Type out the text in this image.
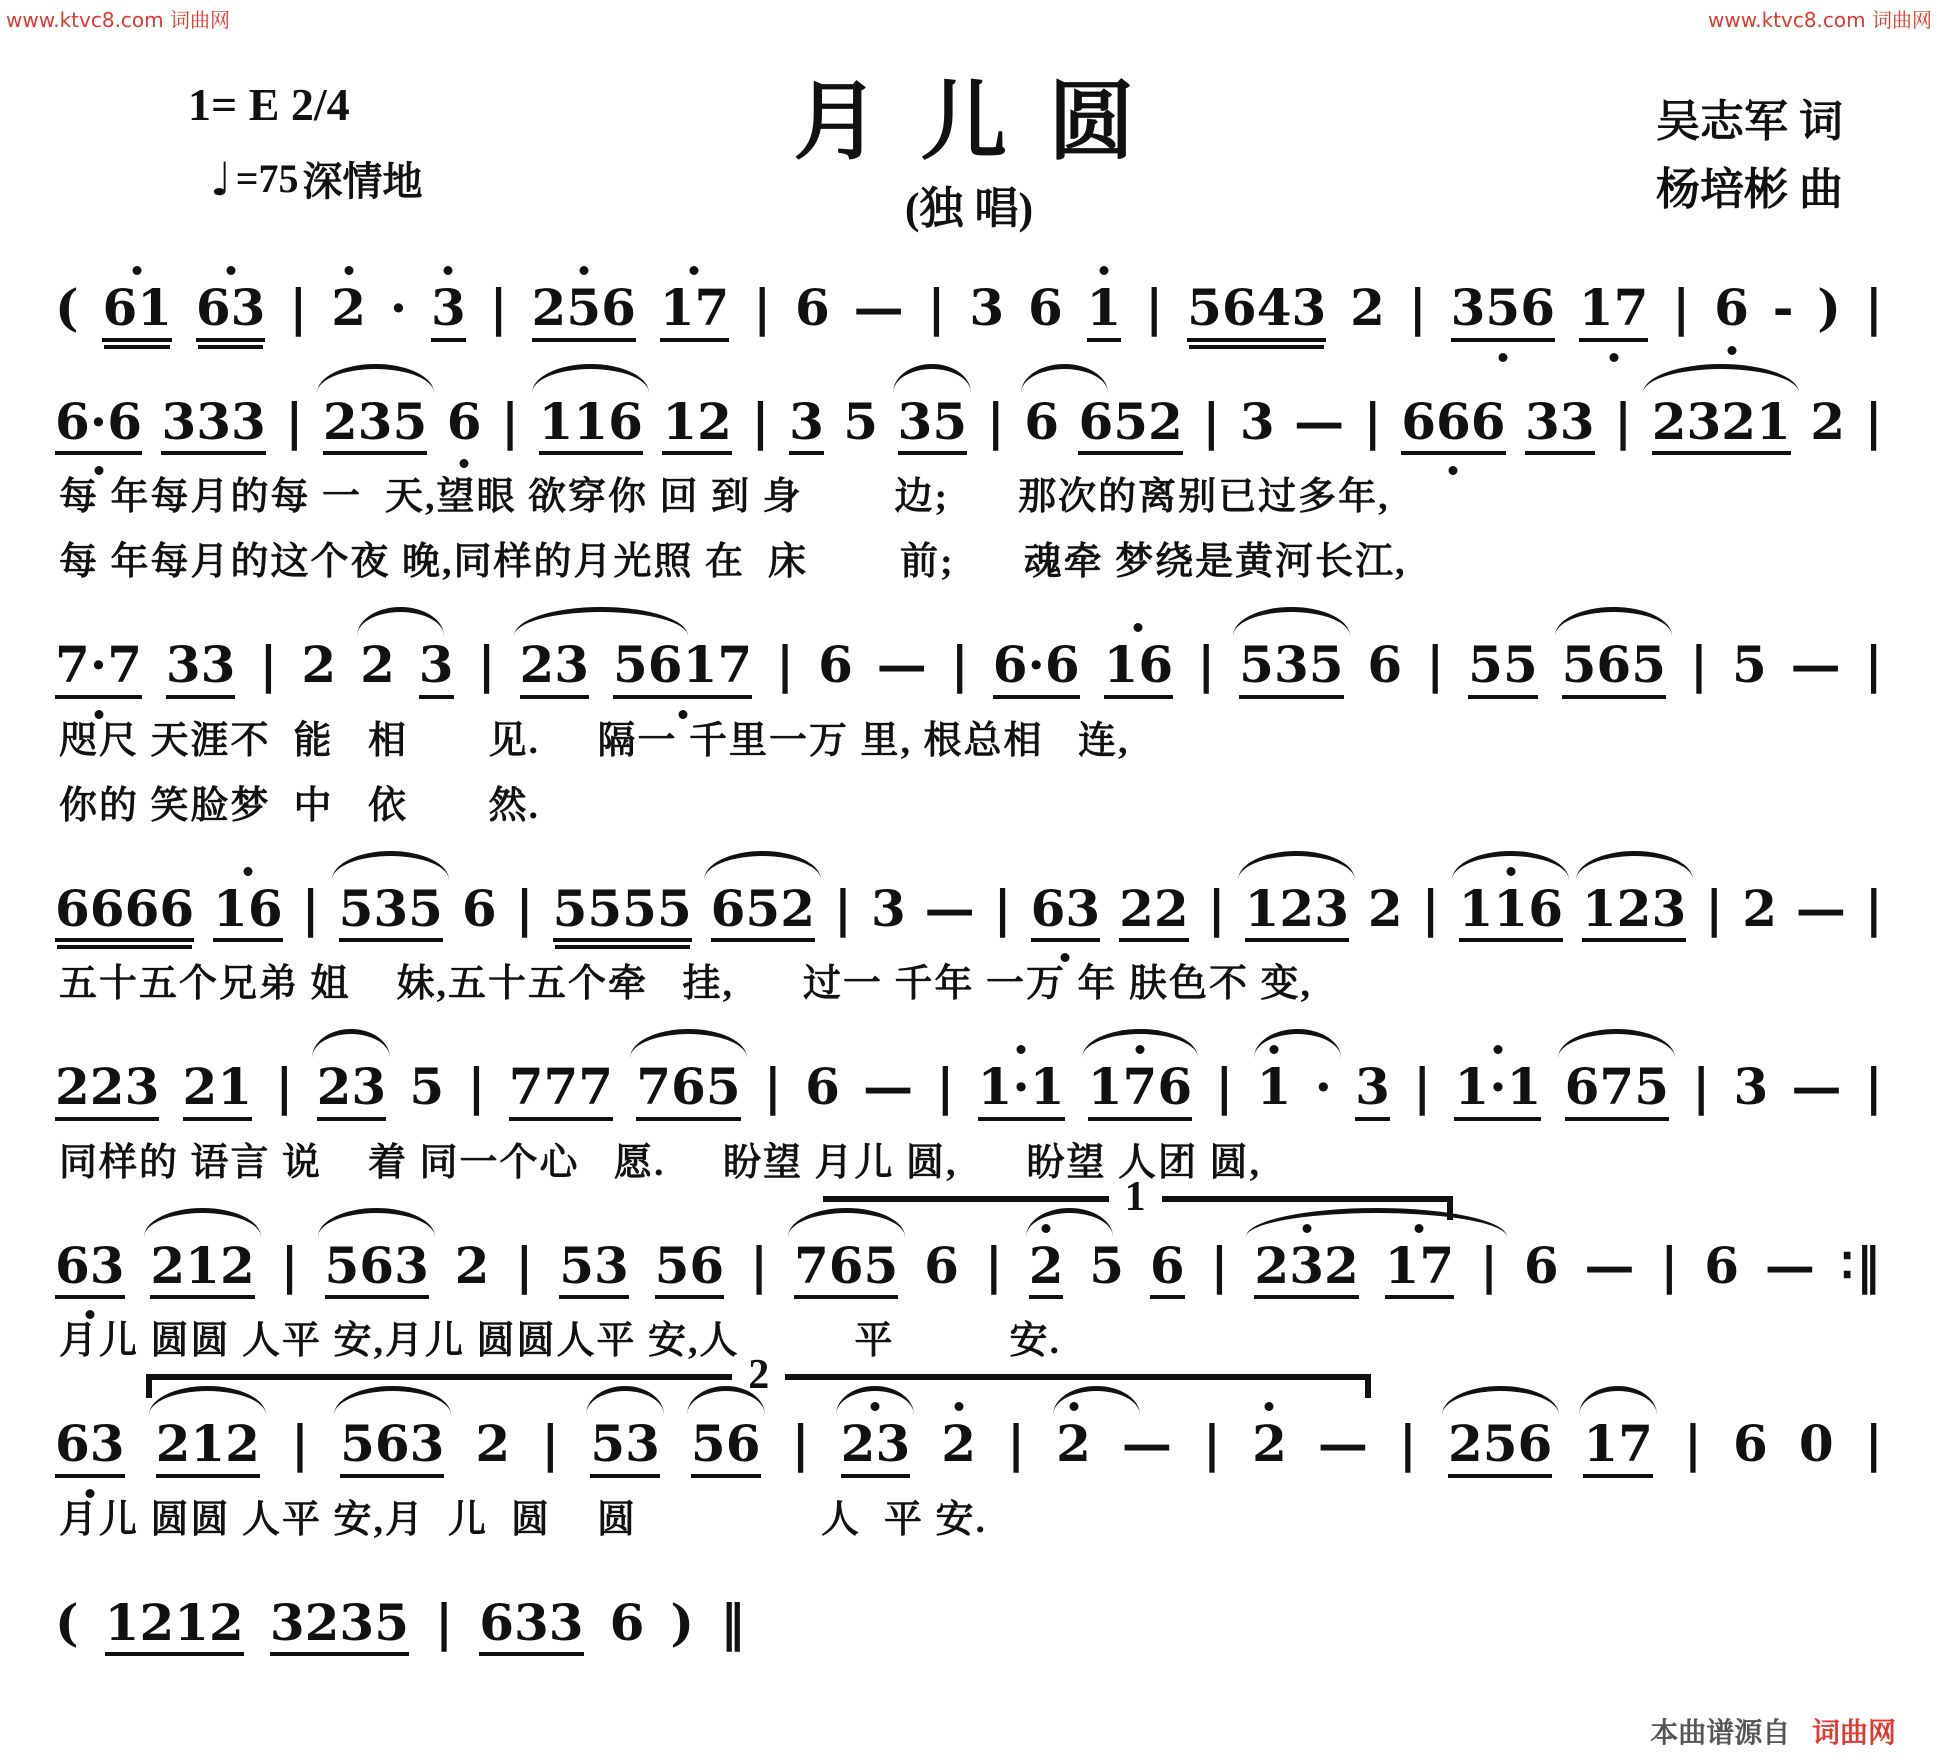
www.ktvc8.com 词曲网	www.ktvc8.com 词曲网
1= E 2/4
♩ =75 深情地
月 儿 圆
(独 唱)
吴志军 词
杨培彬 曲
( 61 63 | 2 · 3 | 256 17 | 6 — | 3 6 1 | 5643 2 | 356 17 | 6 - ) |
6·6 333 | 235 6 | 116 12 | 3 5 35 | 6 652 | 3 — | 666 33 | 2321 2 |
每 年每月的每 一  天,望眼 欲穿你 回 到 身        边;      那次的离别已过多年,
每 年每月的这个夜 晚,同样的月光照 在  床        前;      魂牵 梦绕是黄河长江,
7·7 33 | 2 2 3 | 23 5617 | 6 — | 6·6 16 | 535 6 | 55 565 | 5 — |
咫尺 天涯不  能   相       见.     隔一 千里一万 里, 根总相   连,
你的 笑脸梦  中   依       然.
6666 16 | 535 6 | 5555 652 | 3 — | 63 22 | 123 2 | 116 123 | 2 — |
五十五个兄弟 姐    妹,五十五个牵   挂,      过一 千年 一万 年 肤色不 变,
223 21 | 23 5 | 777 765 | 6 — | 1·1 176 | 1 · 3 | 1·1 675 | 3 — |
同样的 语言 说    着 同一个心   愿.     盼望 月儿 圆,      盼望 人团 圆,
1
63 212 | 563 2 | 53 56 | 765 6 | 2 5 6 | 232 17 | 6 — | 6 — ∶‖
月儿 圆圆 人平 安,月儿 圆圆人平 安,人          平          安.
2
63 212 | 563 2 | 53 56 | 23 2 | 2 — | 2 — | 256 17 | 6 0 |
月儿 圆圆 人平 安,月  儿  圆    圆                人  平 安.
( 1212 3235 | 633 6 ) ‖
本曲谱源自 词曲网
